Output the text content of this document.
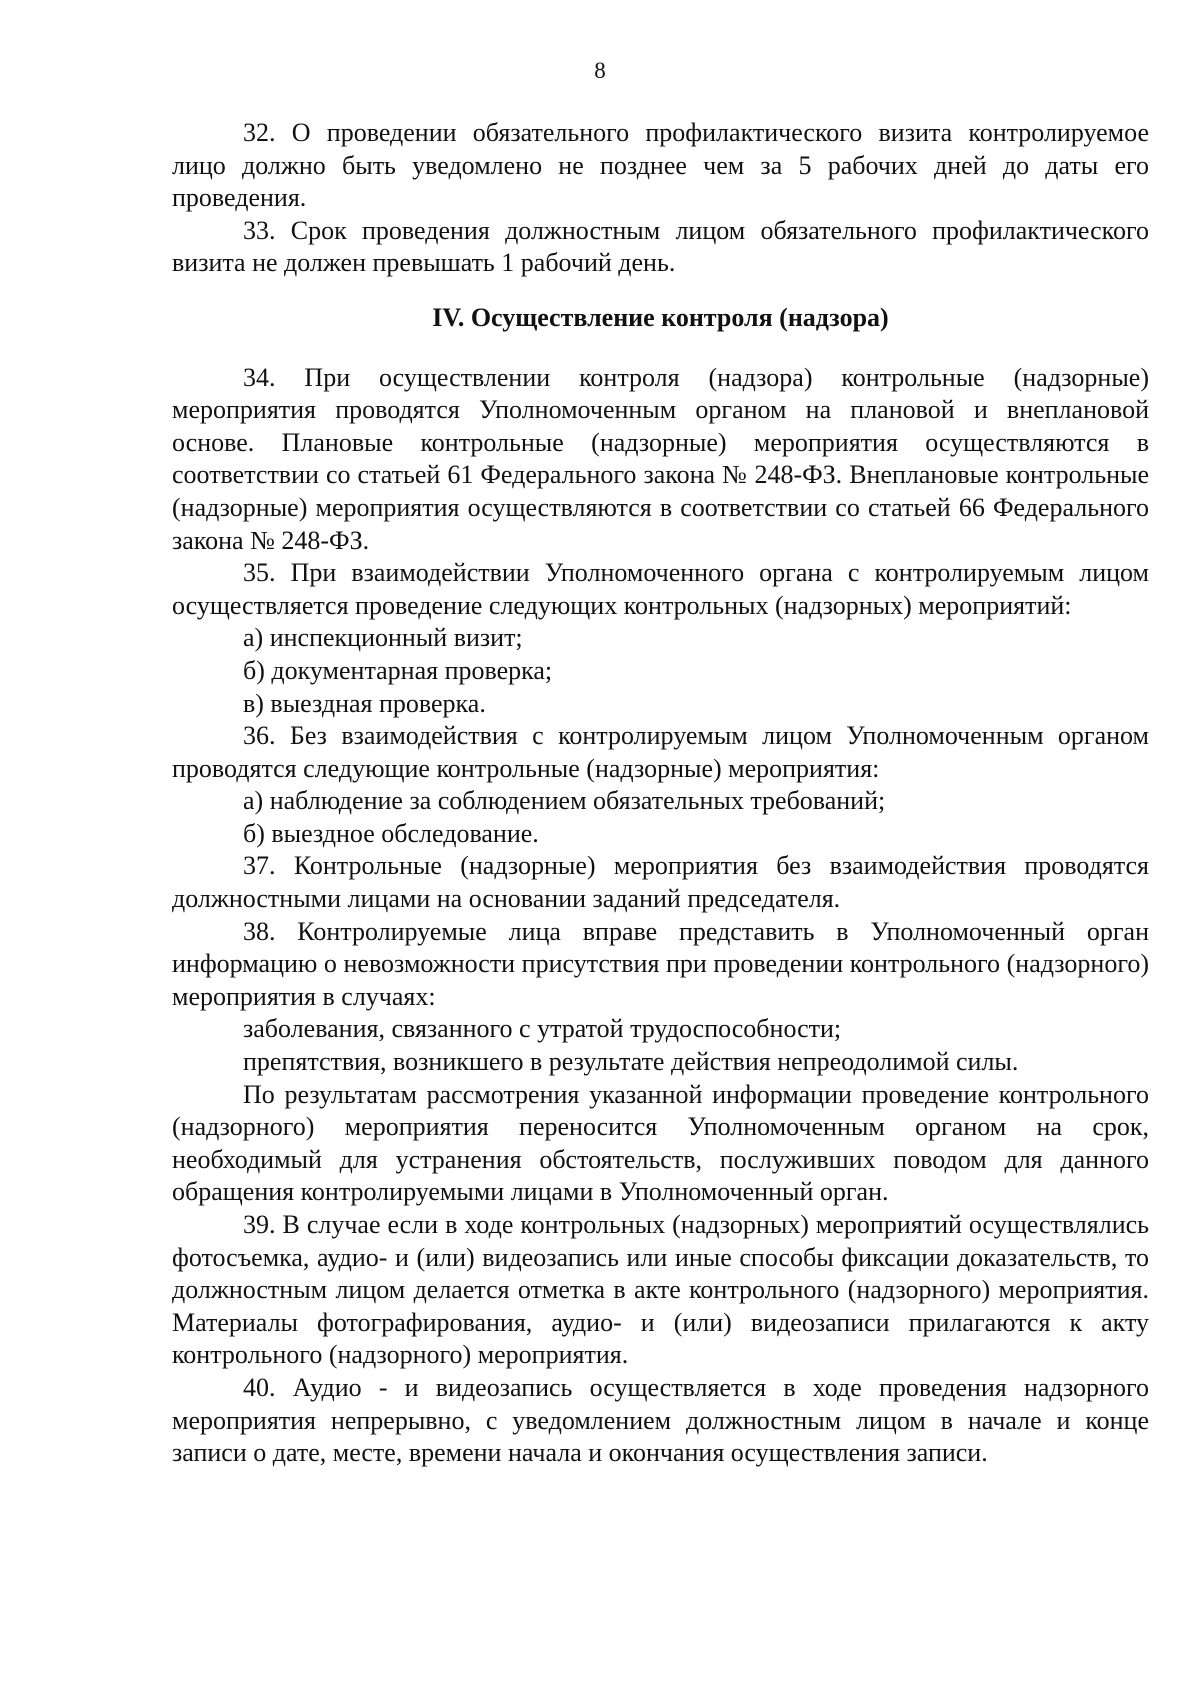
8

32. О проведении обязательного профилактического визита контролируемое лицо должно быть уведомлено не позднее чем за 5 рабочих дней до даты его проведения.

33. Срок проведения должностным лицом обязательного профилактического визита не должен превышать 1 рабочий день.

IV. Осуществление контроля (надзора)

34. При осуществлении контроля (надзора) контрольные (надзорные) мероприятия проводятся Уполномоченным органом на плановой и внеплановой основе. Плановые контрольные (надзорные) мероприятия осуществляются в соответствии со статьей 61 Федерального закона № 248-ФЗ. Внеплановые контрольные (надзорные) мероприятия осуществляются в соответствии со статьей 66 Федерального закона № 248-ФЗ.

35. При взаимодействии Уполномоченного органа с контролируемым лицом осуществляется проведение следующих контрольных (надзорных) мероприятий:

а) инспекционный визит;

б) документарная проверка;

в) выездная проверка.

36. Без взаимодействия с контролируемым лицом Уполномоченным органом проводятся следующие контрольные (надзорные) мероприятия:

а) наблюдение за соблюдением обязательных требований;

б) выездное обследование.

37. Контрольные (надзорные) мероприятия без взаимодействия проводятся должностными лицами на основании заданий председателя.

38. Контролируемые лица вправе представить в Уполномоченный орган информацию о невозможности присутствия при проведении контрольного (надзорного) мероприятия в случаях:

заболевания, связанного с утратой трудоспособности;

препятствия, возникшего в результате действия непреодолимой силы.

По результатам рассмотрения указанной информации проведение контрольного (надзорного) мероприятия переносится Уполномоченным органом на срок, необходимый для устранения обстоятельств, послуживших поводом для данного обращения контролируемыми лицами в Уполномоченный орган.

39. В случае если в ходе контрольных (надзорных) мероприятий осуществлялись фотосъемка, аудио- и (или) видеозапись или иные способы фиксации доказательств, то должностным лицом делается отметка в акте контрольного (надзорного) мероприятия. Материалы фотографирования, аудио- и (или) видеозаписи прилагаются к акту контрольного (надзорного) мероприятия.

40. Аудио - и видеозапись осуществляется в ходе проведения надзорного мероприятия непрерывно, с уведомлением должностным лицом в начале и конце записи о дате, месте, времени начала и окончания осуществления записи.
